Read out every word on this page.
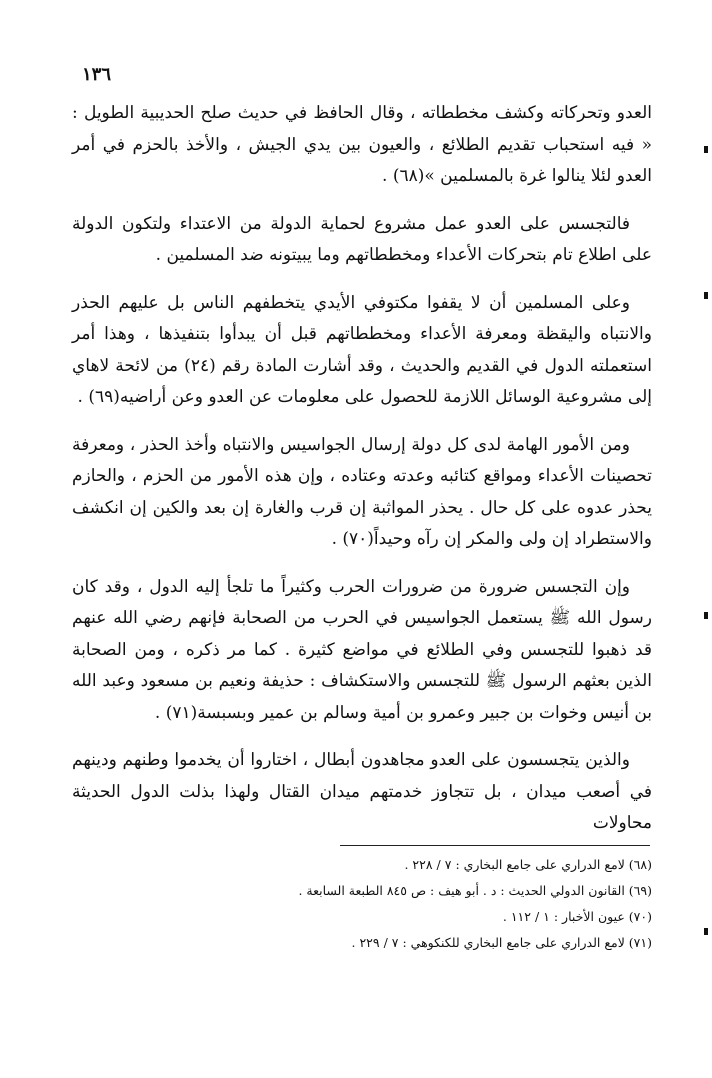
١٣٦

العدو وتحركاته وكشف مخططاته ، وقال الحافظ في حديث صلح الحديبية الطويل : « فيه استحباب تقديم الطلائع ، والعيون بين يدي الجيش ، والأخذ بالحزم في أمر العدو لئلا ينالوا غرة بالمسلمين »(٦٨) .

فالتجسس على العدو عمل مشروع لحماية الدولة من الاعتداء ولتكون الدولة على اطلاع تام بتحركات الأعداء ومخططاتهم وما يبيتونه ضد المسلمين .

وعلى المسلمين أن لا يقفوا مكتوفي الأيدي يتخطفهم الناس بل عليهم الحذر والانتباه واليقظة ومعرفة الأعداء ومخططاتهم قبل أن يبدأوا بتنفيذها ، وهذا أمر استعملته الدول في القديم والحديث ، وقد أشارت المادة رقم (٢٤) من لائحة لاهاي إلى مشروعية الوسائل اللازمة للحصول على معلومات عن العدو وعن أراضيه(٦٩) .

ومن الأمور الهامة لدى كل دولة إرسال الجواسيس والانتباه وأخذ الحذر ، ومعرفة تحصينات الأعداء ومواقع كتائبه وعدته وعتاده ، وإن هذه الأمور من الحزم ، والحازم يحذر عدوه على كل حال . يحذر المواثبة إن قرب والغارة إن بعد والكين إن انكشف والاستطراد إن ولى والمكر إن رآه وحيداً(٧٠) .

وإن التجسس ضرورة من ضرورات الحرب وكثيراً ما تلجأ إليه الدول ، وقد كان رسول الله ﷺ يستعمل الجواسيس في الحرب من الصحابة فإنهم رضي الله عنهم قد ذهبوا للتجسس وفي الطلائع في مواضع كثيرة . كما مر ذكره ، ومن الصحابة الذين بعثهم الرسول ﷺ للتجسس والاستكشاف : حذيفة ونعيم بن مسعود وعبد الله بن أنيس وخوات بن جبير وعمرو بن أمية وسالم بن عمير وبسبسة(٧١) .

والذين يتجسسون على العدو مجاهدون أبطال ، اختاروا أن يخدموا وطنهم ودينهم في أصعب ميدان ، بل تتجاوز خدمتهم ميدان القتال ولهذا بذلت الدول الحديثة محاولات

(٦٨) لامع الدراري على جامع البخاري : ٧ / ٢٢٨ .

(٦٩) القانون الدولي الحديث : د . أبو هيف : ص ٨٤٥ الطبعة السابعة .

(٧٠) عيون الأخبار : ١ / ١١٢ .

(٧١) لامع الدراري على جامع البخاري للكنكوهي : ٧ / ٢٢٩ .
